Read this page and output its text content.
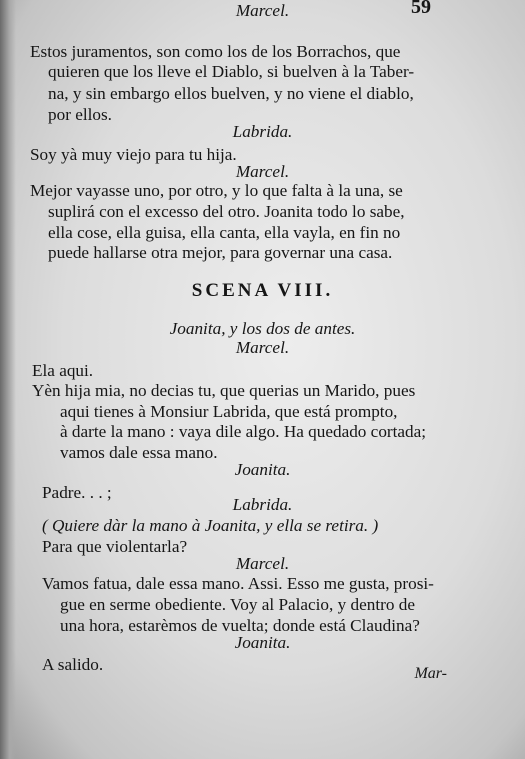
59
Marcel.
Estos juramentos, son como los de los Borrachos, que
quieren que los lleve el Diablo, si buelven à la Taber-
na, y sin embargo ellos buelven, y no viene el diablo,
por ellos.
Labrida.
Soy yà muy viejo para tu hija.
Marcel.
Mejor vayasse uno, por otro, y lo que falta à la una, se
suplirá con el excesso del otro. Joanita todo lo sabe,
ella cose, ella guisa, ella canta, ella vayla, en fin no
puede hallarse otra mejor, para governar una casa.
SCENA VIII.
Joanita, y los dos de antes.
Marcel.
Ela aqui.
Yèn hija mia, no decias tu, que querias un Marido, pues
aqui tienes à Monsiur Labrida, que está prompto,
à darte la mano : vaya dile algo. Ha quedado cortada;
vamos dale essa mano.
Joanita.
Padre. . . ;
Labrida.
( Quiere dàr la mano à Joanita, y ella se retira. )
Para que violentarla?
Marcel.
Vamos fatua, dale essa mano. Assi. Esso me gusta, prosi-
gue en serme obediente. Voy al Palacio, y dentro de
una hora, estarèmos de vuelta; donde está Claudina?
Joanita.
A salido.	Mar-
